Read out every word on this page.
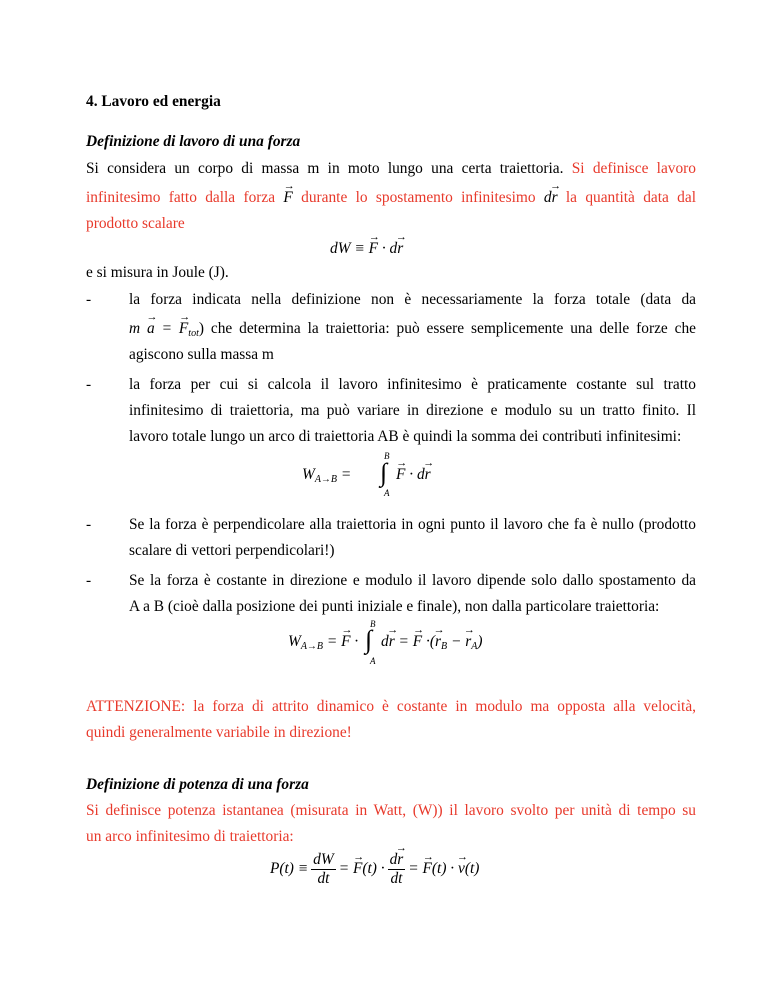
4. Lavoro ed energia
Definizione di lavoro di una forza
Si considera un corpo di massa m in moto lungo una certa traiettoria. Si definisce lavoro
infinitesimo fatto dalla forza → F durante lo spostamento infinitesimo d→ r la quantità data dal
prodotto scalare
dW ≡ → F · d→ r
e si misura in Joule (J).
-	la forza indicata nella definizione non è necessariamente la forza totale (data da
m → a = → $F_{tot}$) che determina la traiettoria: può essere semplicemente una delle forze che
agiscono sulla massa m
-	la forza per cui si calcola il lavoro infinitesimo è praticamente costante sul tratto
infinitesimo di traiettoria, ma può variare in direzione e modulo su un tratto finito. Il
lavoro totale lungo un arco di traiettoria AB è quindi la somma dei contributi infinitesimi:
$W_{A\to B}$ =
B
∫
A
→ F · d→ r
-	Se la forza è perpendicolare alla traiettoria in ogni punto il lavoro che fa è nullo (prodotto
scalare di vettori perpendicolari!)
-	Se la forza è costante in direzione e modulo il lavoro dipende solo dallo spostamento da
A a B (cioè dalla posizione dei punti iniziale e finale), non dalla particolare traiettoria:
$W_{A\to B}$ = → F ·
B
∫
A
d→ r = → F ·(→ $r_B$ − → $r_A$)
ATTENZIONE: la forza di attrito dinamico è costante in modulo ma opposta alla velocità,
quindi generalmente variabile in direzione!
Definizione di potenza di una forza
Si definisce potenza istantanea (misurata in Watt, (W)) il lavoro svolto per unità di tempo su
un arco infinitesimo di traiettoria:
$P(t) \equiv \frac{dW}{dt}$ = → $F(t) \cdot \frac{d\to r}{dt}$ = → F(t) · → v(t)
